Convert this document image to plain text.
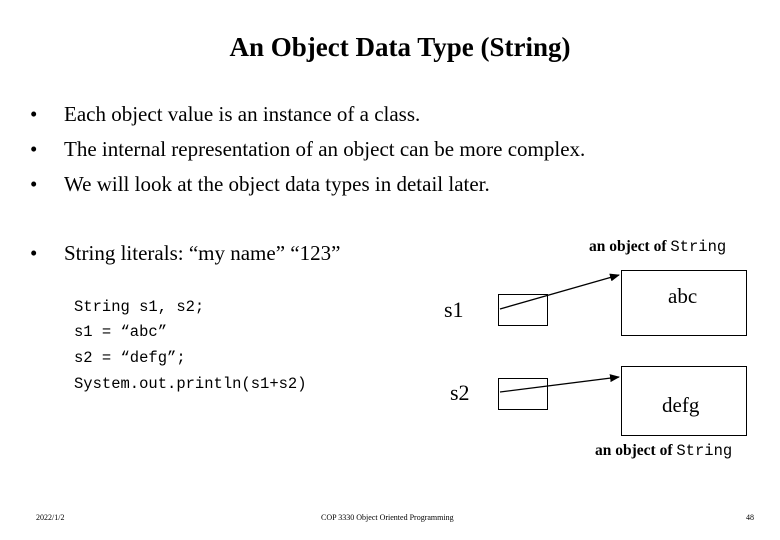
An Object Data Type (String)
• Each object value is an instance of a class.
• The internal representation of an object can be more complex.
• We will look at the object data types in detail later.
• String literals: “my name” “123”
String s1, s2;
s1 = “abc”
s2 = “defg”;
System.out.println(s1+s2)
an object of String
s1
s2
abc
defg
an object of String
2022/1/2	COP 3330 Object Oriented Programming	48
